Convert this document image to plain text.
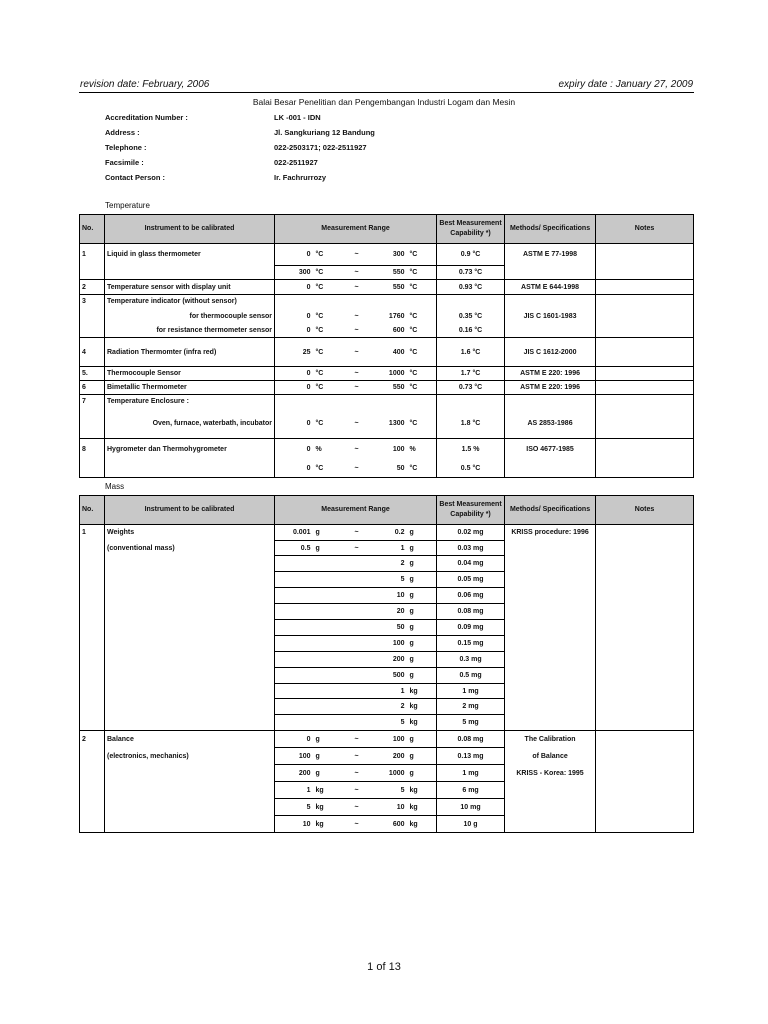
revision date: February, 2006	expiry date : January 27, 2009
Balai Besar Penelitian dan Pengembangan Industri Logam dan Mesin
Accreditation Number :	LK -001 - IDN
Address :	Jl. Sangkuriang 12 Bandung
Telephone :	022-2503171; 022-2511927
Facsimile :	022-2511927
Contact Person :	Ir. Fachrurrozy
Temperature
No.	Instrument to be calibrated	Measurement Range					Best Measurement Capability *)	Methods/ Specifications	Notes
1	Liquid in glass thermometer	0	°C	~	300	°C	0.9 °C	ASTM E 77-1998	
		300	°C	~	550	°C	0.73 °C		
2	Temperature sensor with display unit	0	°C	~	550	°C	0.93 °C	ASTM E 644-1998	
3	Temperature indicator (without sensor)								
	for thermocouple sensor	0	°C	~	1760	°C	0.35 °C	JIS C 1601-1983	
	for resistance thermometer sensor	0	°C	~	600	°C	0.16 °C		
4	Radiation Thermomter (infra red)	25	°C	~	400	°C	1.6 °C	JIS C 1612-2000	
5.	Thermocouple Sensor	0	°C	~	1000	°C	1.7 °C	ASTM E 220: 1996	
6	Bimetallic Thermometer	0	°C	~	550	°C	0.73 °C	ASTM E 220: 1996	
7	Temperature Enclosure :								
	Oven, furnace, waterbath, incubator	0	°C	~	1300	°C	1.8 °C	AS 2853-1986	
8	Hygrometer dan Thermohygrometer	0	%	~	100	%	1.5 %	ISO 4677-1985	
		0	°C	~	50	°C	0.5 °C		
Mass
No.	Instrument to be calibrated	Measurement Range					Best Measurement Capability *)	Methods/ Specifications	Notes
1	Weights	0.001	g	~	0.2	g	0.02 mg	KRISS procedure: 1996	
	(conventional mass)	0.5	g	~	1	g	0.03 mg		
					2	g	0.04 mg		
					5	g	0.05 mg		
					10	g	0.06 mg		
					20	g	0.08 mg		
					50	g	0.09 mg		
					100	g	0.15 mg		
					200	g	0.3 mg		
					500	g	0.5 mg		
					1	kg	1 mg		
					2	kg	2 mg		
					5	kg	5 mg		
2	Balance	0	g	~	100	g	0.08 mg	The Calibration	
	(electronics, mechanics)	100	g	~	200	g	0.13 mg	of Balance	
		200	g	~	1000	g	1 mg	KRISS - Korea: 1995	
		1	kg	~	5	kg	6 mg		
		5	kg	~	10	kg	10 mg		
		10	kg	~	600	kg	10 g		
1 of 13
